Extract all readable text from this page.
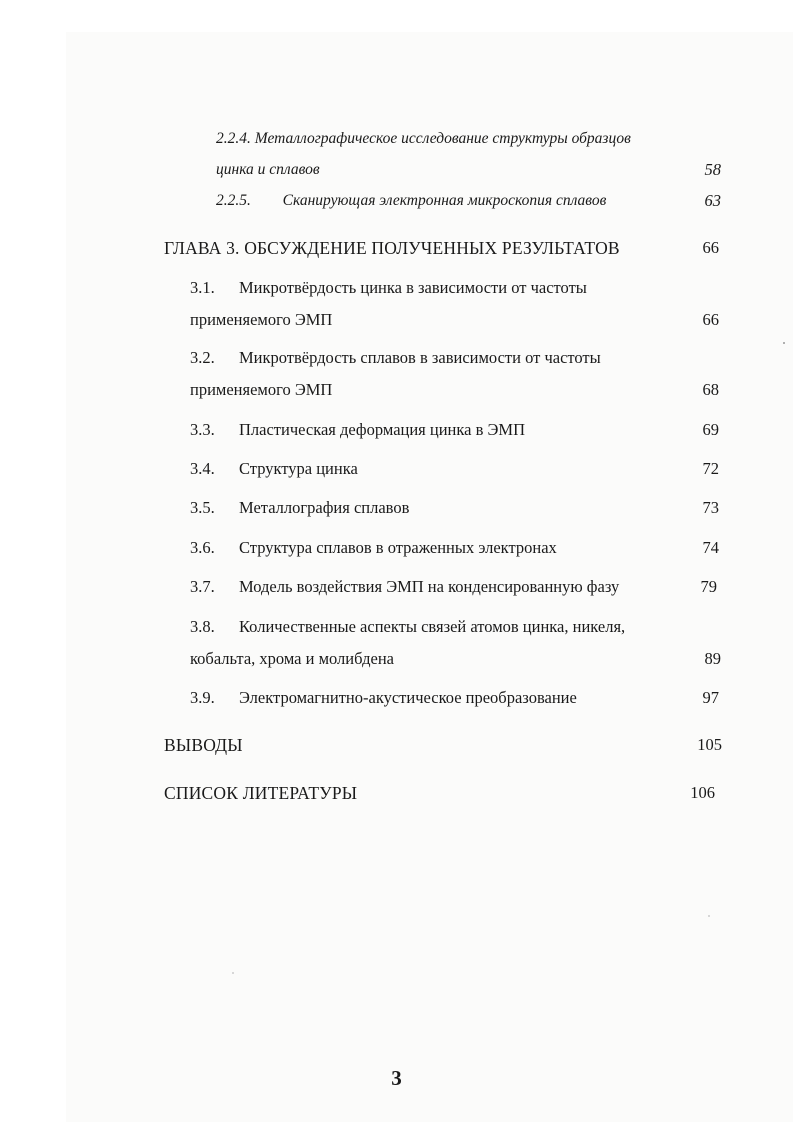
2.2.4. Металлографическое исследование структуры образцов
цинка и сплавов	58
2.2.5. Сканирующая электронная микроскопия сплавов	63
ГЛАВА 3. ОБСУЖДЕНИЕ ПОЛУЧЕННЫХ РЕЗУЛЬТАТОВ	66
3.1. Микротвёрдость цинка в зависимости от частоты
применяемого ЭМП	66
3.2. Микротвёрдость сплавов в зависимости от частоты
применяемого ЭМП	68
3.3. Пластическая деформация цинка в ЭМП	69
3.4. Структура цинка	72
3.5. Металлография сплавов	73
3.6. Структура сплавов в отраженных электронах	74
3.7. Модель воздействия ЭМП на конденсированную фазу	79
3.8. Количественные аспекты связей атомов цинка, никеля,
кобальта, хрома и молибдена	89
3.9. Электромагнитно-акустическое преобразование	97
ВЫВОДЫ	105
СПИСОК ЛИТЕРАТУРЫ	106
3
